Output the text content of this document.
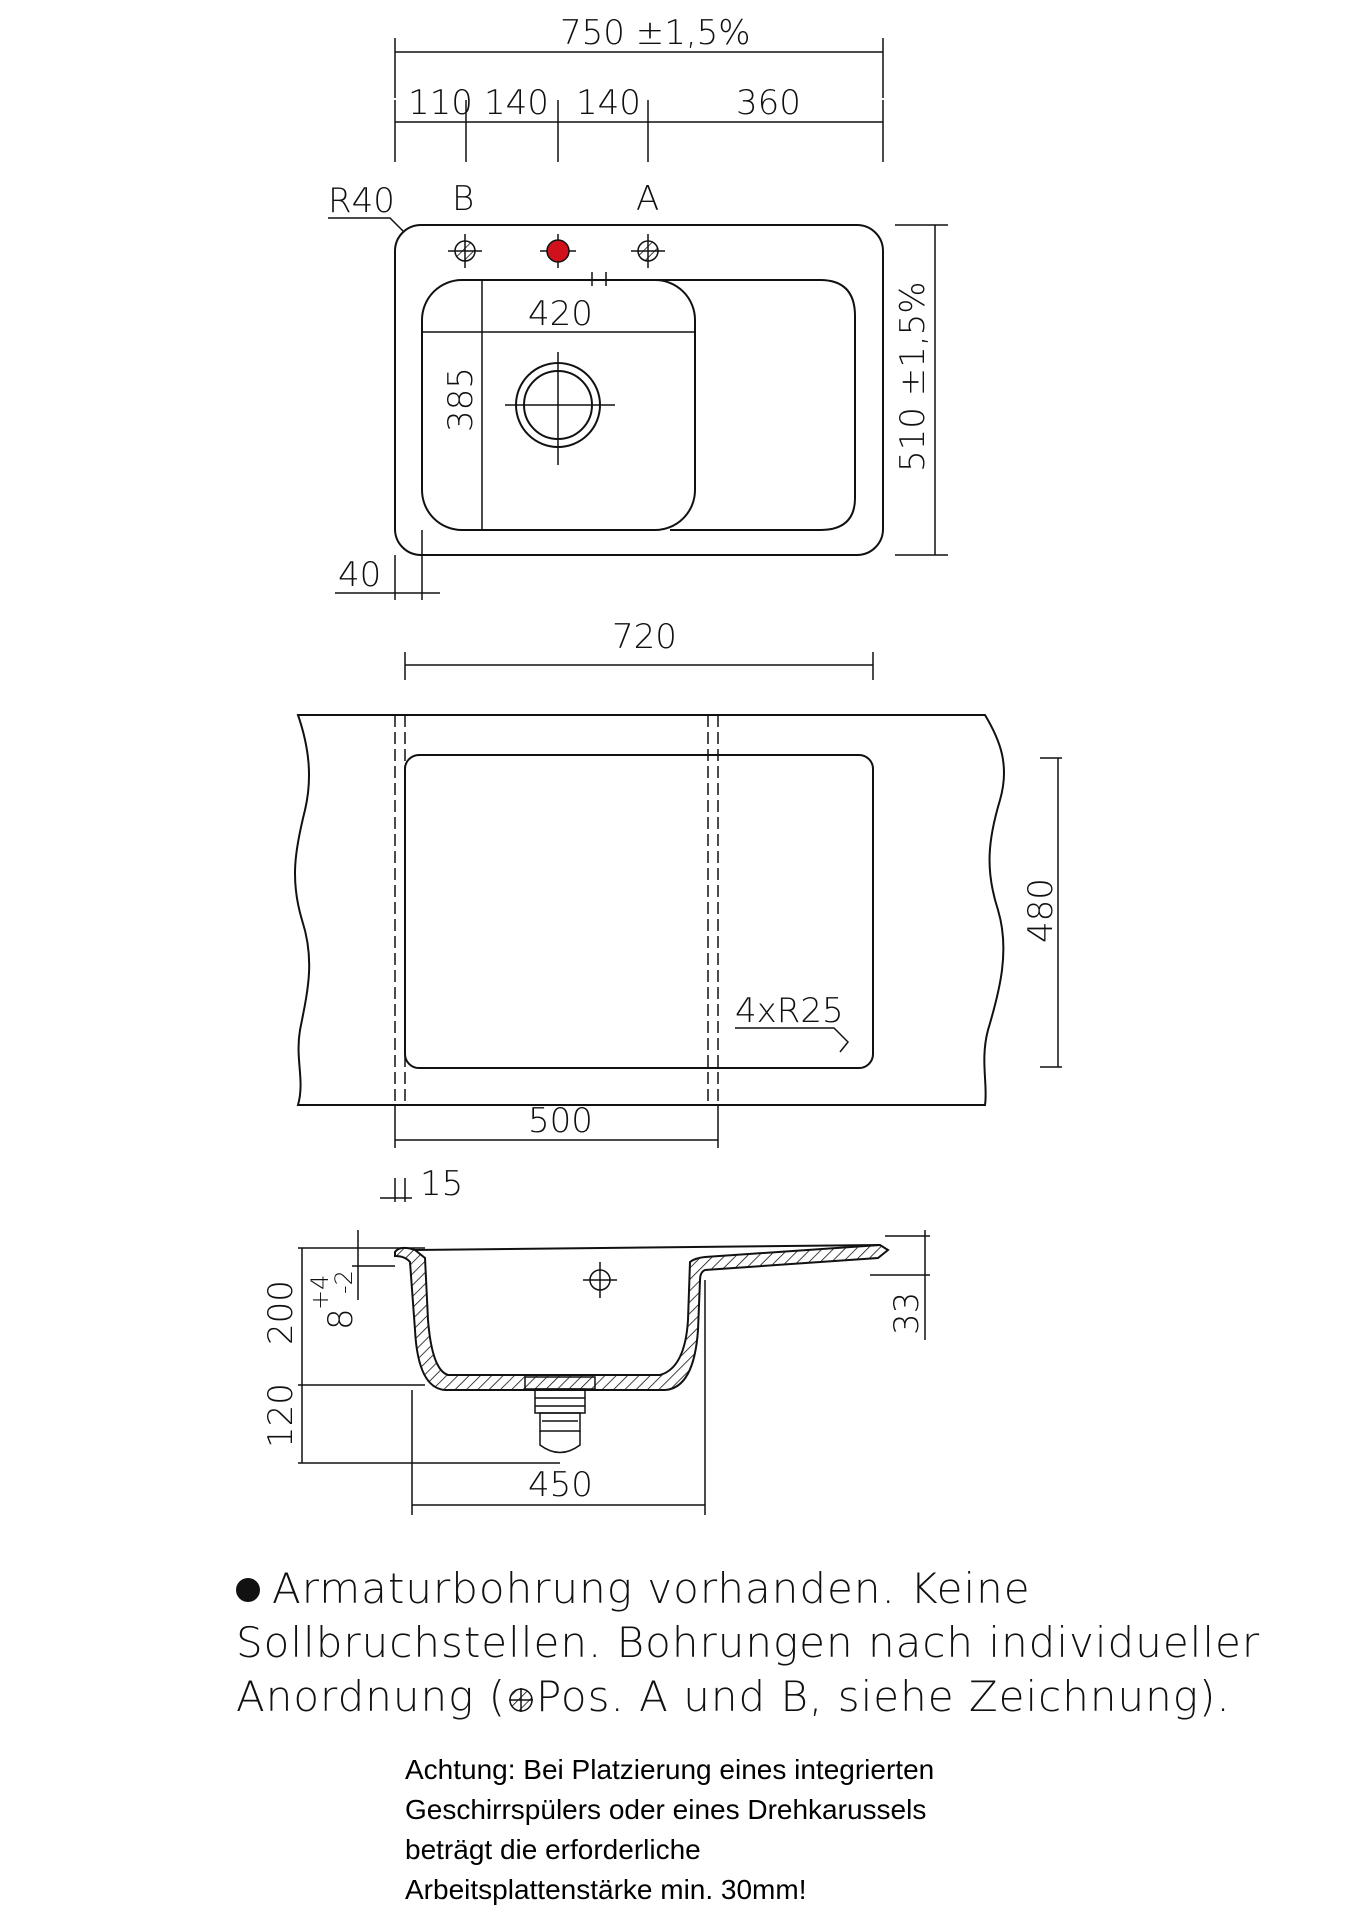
750 ±1,5%
110 140 140	360
R40 B	A
420
385	510 ±1,5%
40
720
4xR25
480
500
15
200 8
+4
-2
120
33
450
Armaturbohrung vorhanden. Keine
Sollbruchstellen. Bohrungen nach individueller
Anordnung ( Pos. A und B, siehe Zeichnung).
Achtung: Bei Platzierung eines integrierten
Geschirrspülers oder eines Drehkarussels
beträgt die erforderliche
Arbeitsplattenstärke min. 30mm!
